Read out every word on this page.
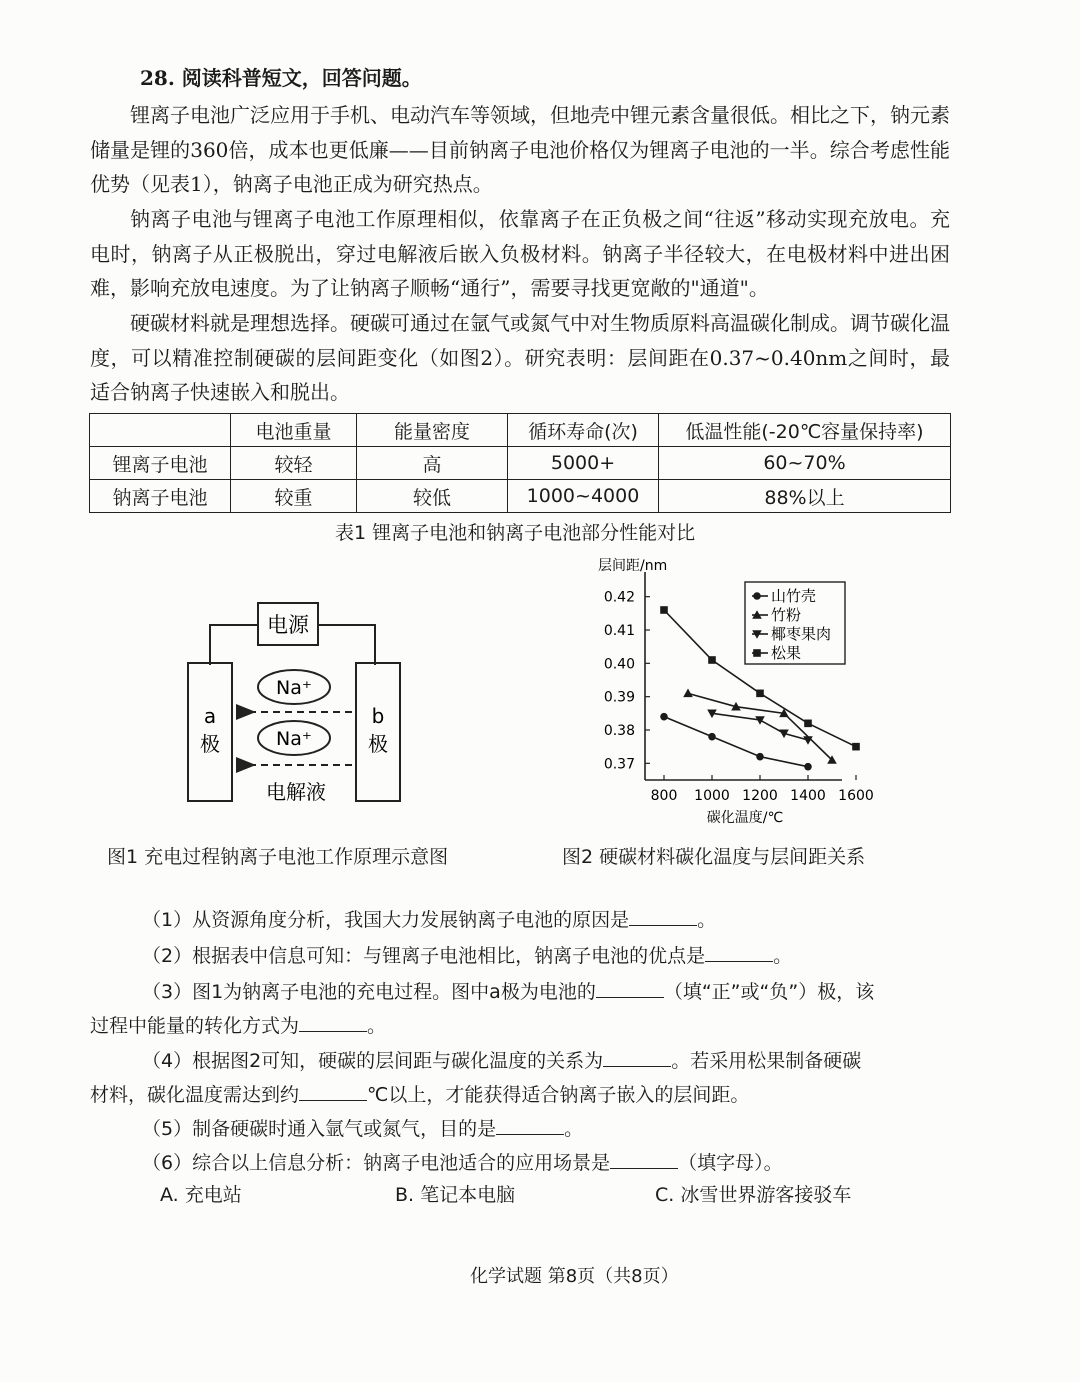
28. 阅读科普短文，回答问题。
锂离子电池广泛应用于手机、电动汽车等领域，但地壳中锂元素含量很低。相比之下，钠元素储量是锂的360倍，成本也更低廉——目前钠离子电池价格仅为锂离子电池的一半。综合考虑性能优势（见表1），钠离子电池正成为研究热点。
钠离子电池与锂离子电池工作原理相似，依靠离子在正负极之间“往返”移动实现充放电。充电时，钠离子从正极脱出，穿过电解液后嵌入负极材料。钠离子半径较大，在电极材料中进出困难，影响充放电速度。为了让钠离子顺畅“通行”，需要寻找更宽敞的"通道"。
硬碳材料就是理想选择。硬碳可通过在氩气或氮气中对生物质原料高温碳化制成。调节碳化温度，可以精准控制硬碳的层间距变化（如图2）。研究表明：层间距在0.37~0.40nm之间时，最适合钠离子快速嵌入和脱出。
	电池重量	能量密度	循环寿命(次)	低温性能(-20℃容量保持率)
锂离子电池	较轻	高	5000+	60~70%
钠离子电池	较重	较低	1000~4000	88%以上
表1 锂离子电池和钠离子电池部分性能对比
电源
a
极
b
极
Na⁺
Na⁺
电解液
图1 充电过程钠离子电池工作原理示意图
层间距/nm
碳化温度/℃
0.42
0.41
0.40
0.39
0.38
0.37
800 1000 1200 1400 1600
山竹壳
竹粉
椰枣果肉
松果
图2 硬碳材料碳化温度与层间距关系
（1）从资源角度分析，我国大力发展钠离子电池的原因是	。
（2）根据表中信息可知：与锂离子电池相比，钠离子电池的优点是	。
（3）图1为钠离子电池的充电过程。图中a极为电池的	（填“正”或“负”）极，该
过程中能量的转化方式为	。
（4）根据图2可知，硬碳的层间距与碳化温度的关系为	。若采用松果制备硬碳
材料，碳化温度需达到约	℃以上，才能获得适合钠离子嵌入的层间距。
（5）制备硬碳时通入氩气或氮气，目的是	。
（6）综合以上信息分析：钠离子电池适合的应用场景是	（填字母）。
A. 充电站	B. 笔记本电脑	C. 冰雪世界游客接驳车
化学试题 第8页（共8页）
